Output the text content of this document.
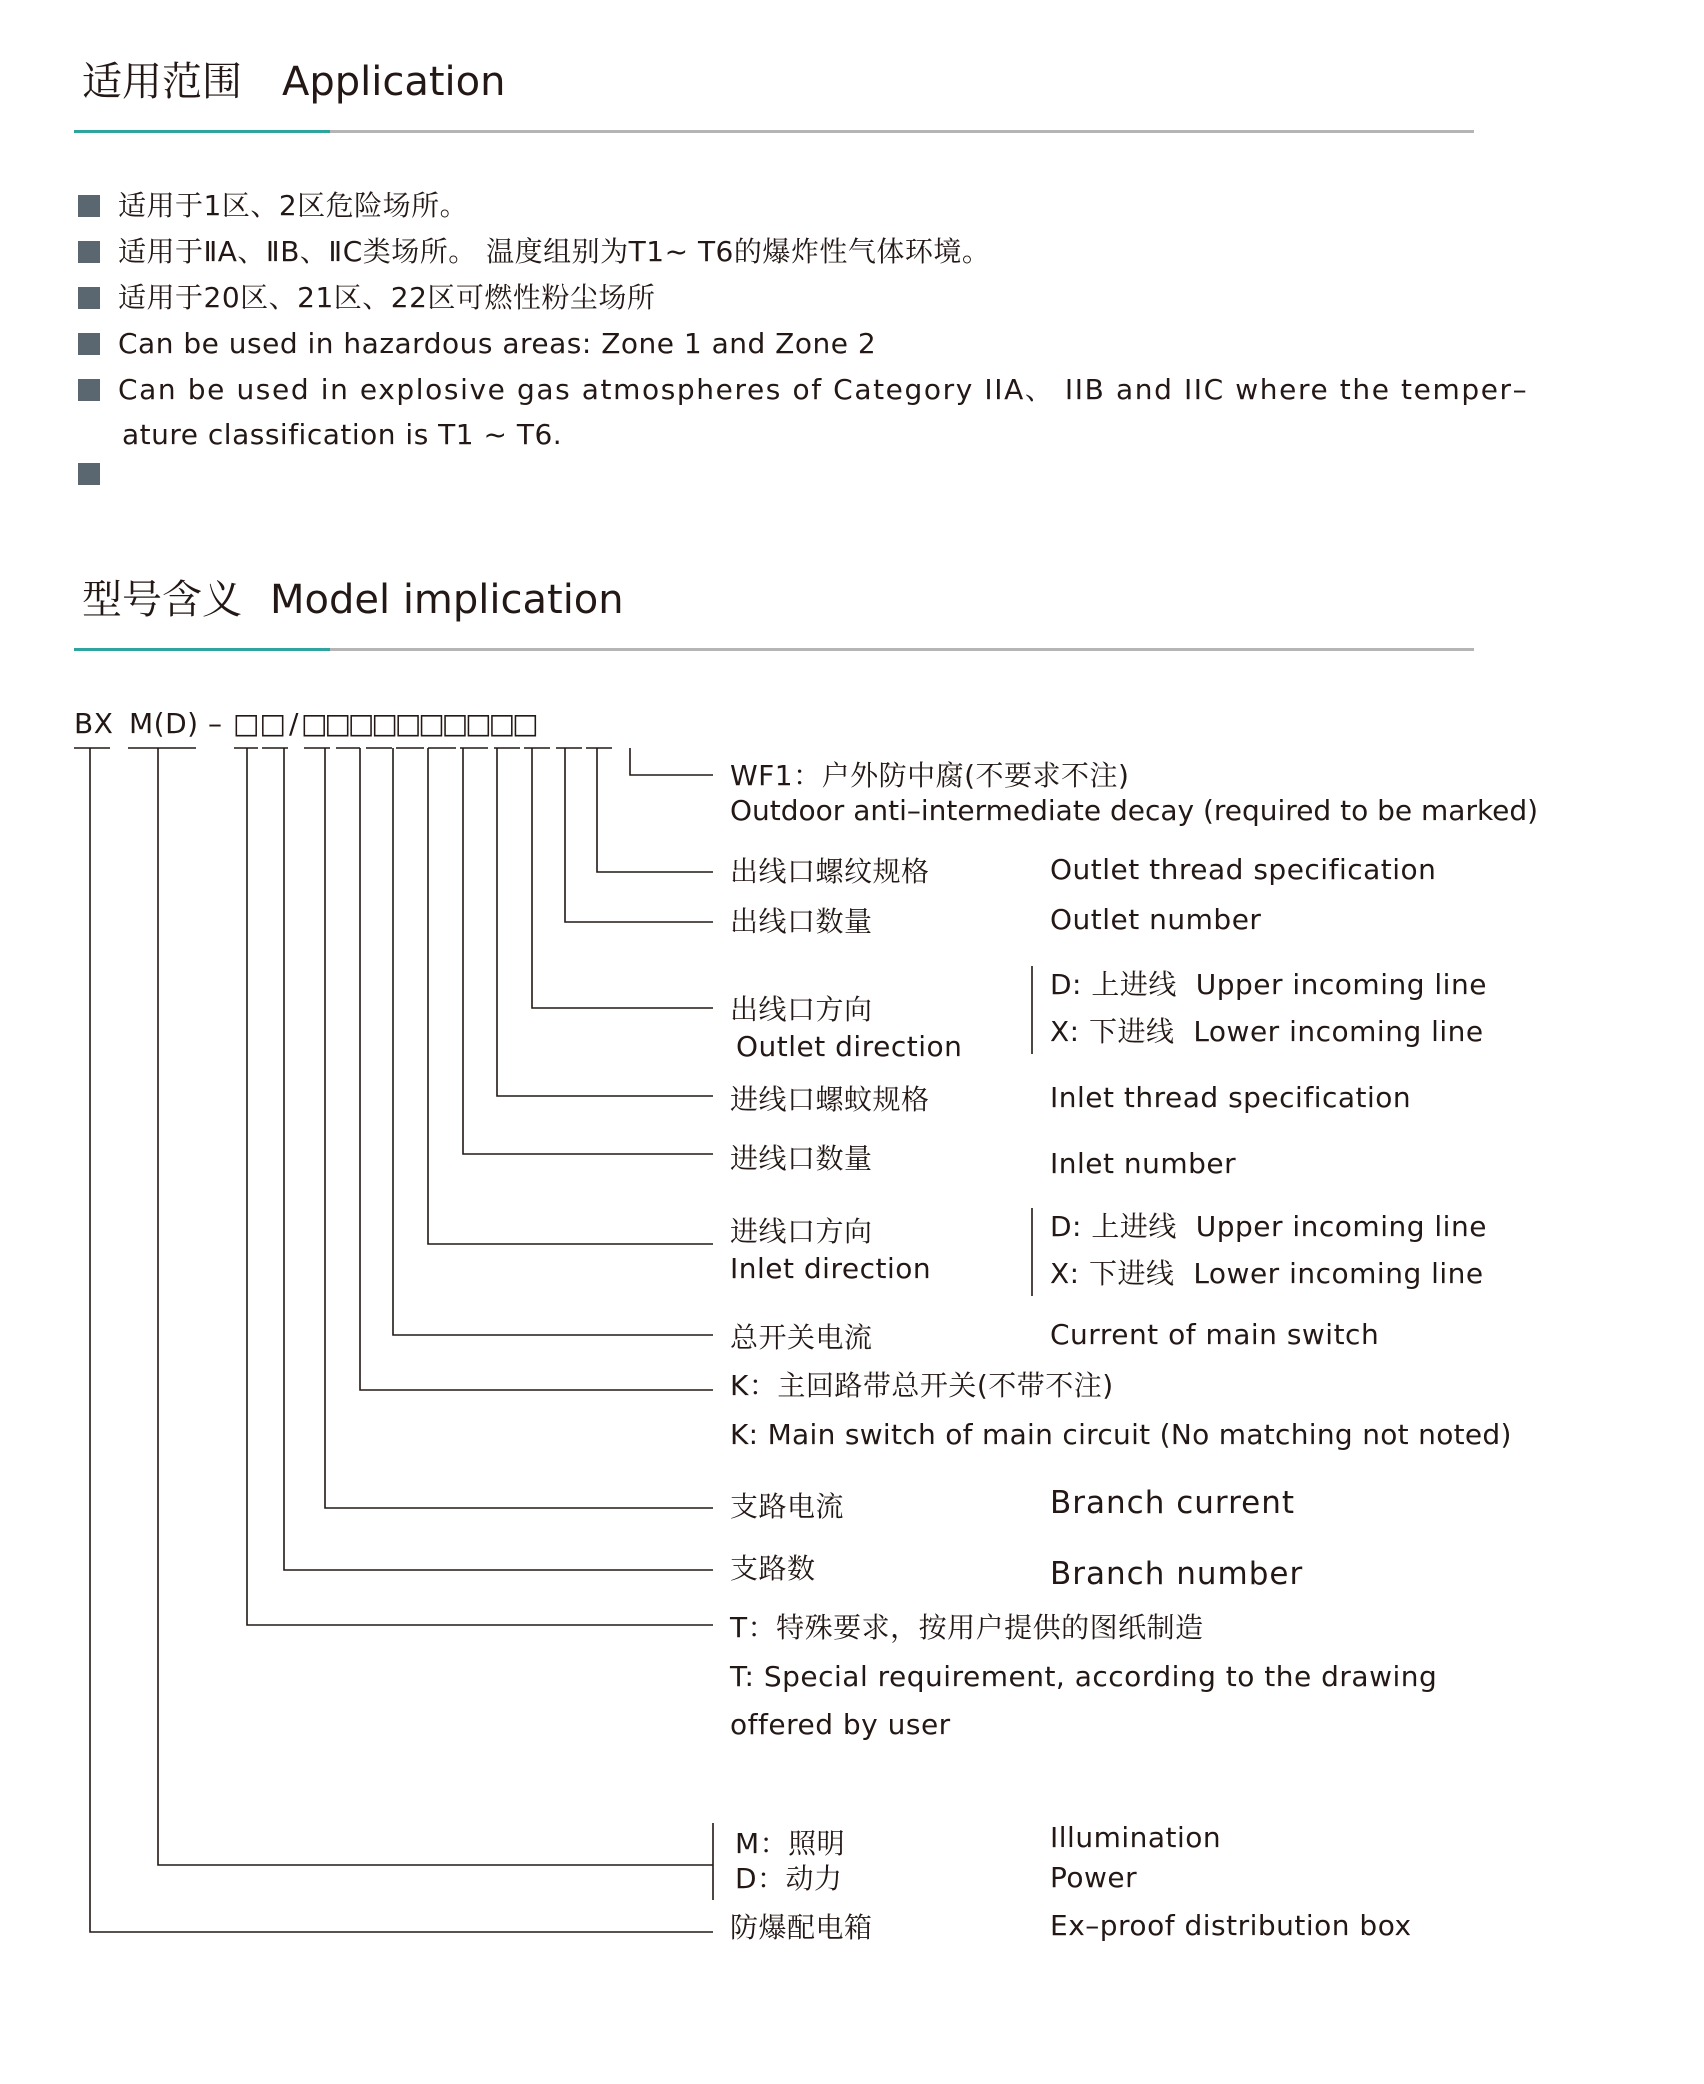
适用范围 Application
适用于1区、2区危险场所。
适用于ⅡA、ⅡB、ⅡC类场所。 温度组别为T1~ T6的爆炸性气体环境。
适用于20区、21区、22区可燃性粉尘场所
Can be used in hazardous areas: Zone 1 and Zone 2
Can be used in explosive gas atmospheres of Category IIA、 IIB and IIC where the temper–
ature classification is T1 ~ T6.
型号含义 Model implication
BX M(D) – □□ / □□□□□□□□□□
WF1：户外防中腐(不要求不注)
Outdoor anti–intermediate decay (required to be marked)
出线口螺纹规格	Outlet thread specification
出线口数量	Outlet number
出线口方向
Outlet direction
D: 上进线  Upper incoming line
X: 下进线  Lower incoming line
进线口螺蚊规格	Inlet thread specification
进线口数量	Inlet number
进线口方向
Inlet direction
D: 上进线  Upper incoming line
X: 下进线  Lower incoming line
总开关电流	Current of main switch
K：主回路带总开关(不带不注)
K: Main switch of main circuit (No matching not noted)
支路电流	Branch current
支路数	Branch number
T：特殊要求，按用户提供的图纸制造
T: Special requirement, according to the drawing
offered by user
M：照明	Illumination
D：动力	Power
防爆配电箱	Ex–proof distribution box
